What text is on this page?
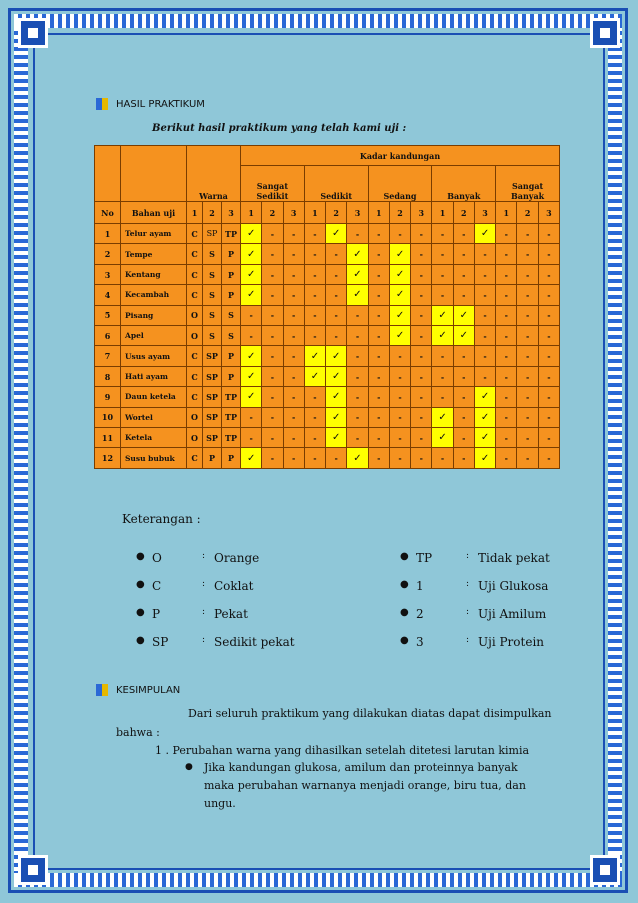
HASIL PRAKTIKUM
Berikut hasil praktikum yang telah kami uji :
		Warna			Kadar kandungan														
					Sangat Sedikit			Sedikit			Sedang			Banyak			Sangat Banyak		
No	Bahan uji	1	2	3	1	2	3	1	2	3	1	2	3	1	2	3	1	2	3
1	Telur ayam	C	SP	TP	✓	-	-	-	✓	-	-	-	-	-	-	✓	-	-	-
2	Tempe	C	S	P	✓	-	-	-	-	✓	-	✓	-	-	-	-	-	-	-
3	Kentang	C	S	P	✓	-	-	-	-	✓	-	✓	-	-	-	-	-	-	-
4	Kecambah	C	S	P	✓	-	-	-	-	✓	-	✓	-	-	-	-	-	-	-
5	Pisang	O	S	S	-	-	-	-	-	-	-	✓	-	✓	✓	-	-	-	-
6	Apel	O	S	S	-	-	-	-	-	-	-	✓	-	✓	✓	-	-	-	-
7	Usus ayam	C	SP	P	✓	-	-	✓	✓	-	-	-	-	-	-	-	-	-	-
8	Hati ayam	C	SP	P	✓	-	-	✓	✓	-	-	-	-	-	-	-	-	-	-
9	Daun ketela	C	SP	TP	✓	-	-	-	✓	-	-	-	-	-	-	✓	-	-	-
10	Wortel	O	SP	TP	-	-	-	-	✓	-	-	-	-	✓	-	✓	-	-	-
11	Ketela	O	SP	TP	-	-	-	-	✓	-	-	-	-	✓	-	✓	-	-	-
12	Susu bubuk	C	P	P	✓	-	-	-	-	✓	-	-	-	-	-	✓	-	-	-
Keterangan :
● O	: Orange
● C	: Coklat
● P	: Pekat
● SP	: Sedikit pekat
● TP	: Tidak pekat
● 1	: Uji Glukosa
● 2	: Uji Amilum
● 3	: Uji Protein
KESIMPULAN
Dari seluruh praktikum yang dilakukan diatas dapat disimpulkan
bahwa :
1 . Perubahan warna yang dihasilkan setelah ditetesi larutan kimia
● Jika kandungan glukosa, amilum dan proteinnya banyak
maka perubahan warnanya menjadi orange, biru tua, dan
ungu.
